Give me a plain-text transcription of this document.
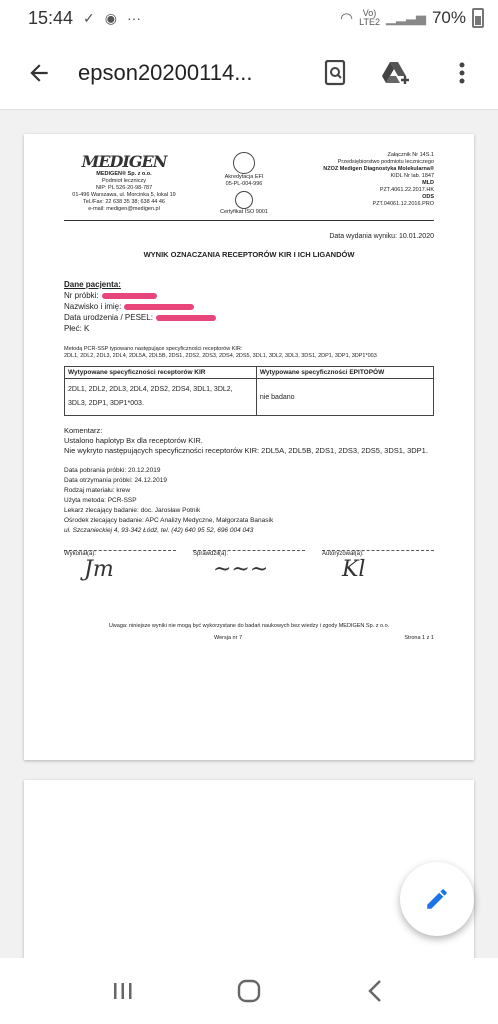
15:44 ✓ ◉ ···	◠	Vo)
LTE2 ▁▂▃▅ 70%
epson20200114...
MEDIGEN
MEDIGEN® Sp. z o.o.
Podmiot leczniczy
NIP: PL 526-20-98-787
01-496 Warszawa, ul. Morcinka 5, lokal 19
Tel./Fax: 22 638 35 38; 638 44 46
e-mail: medigen@medigen.pl
Akredytacja EFI
05-PL-004-996
Certyfikat ISO 9001
Załącznik Nr 14S.1
Przedsiębiorstwo podmiotu leczniczego
NZOZ Medigen Diagnostyka Molekularna®
KIDL Nr lab. 1847
MLD
PZT.4061.22.2017.HK
ODS
PZT.04061.12.2016.PRO
Data wydania wyniku: 10.01.2020
WYNIK OZNACZANIA RECEPTORÓW KIR I ICH LIGANDÓW
Dane pacjenta:
Nr próbki:
Nazwisko i imię:
Data urodzenia / PESEL:
Płeć: K
Metodą PCR-SSP typowano następujące specyficzności receptorów KIR:
2DL1, 2DL2, 2DL3, 2DL4, 2DL5A, 2DL5B, 2DS1, 2DS2, 2DS3, 2DS4, 2DS5, 3DL1, 3DL2, 3DL3, 3DS1, 2DP1, 3DP1, 3DP1*003
Wytypowane specyficzności receptorów KIR	Wytypowane specyficzności EPITOPÓW
2DL1, 2DL2, 2DL3, 2DL4, 2DS2, 2DS4, 3DL1, 3DL2, 3DL3, 2DP1, 3DP1*003.	nie badano
Komentarz:
Ustalono haplotyp Bx dla receptorów KIR.
Nie wykryto następujących specyficzności receptorów KIR: 2DL5A, 2DL5B, 2DS1, 2DS3, 2DS5, 3DS1, 3DP1.
Data pobrania próbki: 20.12.2019
Data otrzymania próbki: 24.12.2019
Rodzaj materiału: krew
Użyta metoda: PCR-SSP
Lekarz zlecający badanie: doc. Jarosław Potnik
Ośrodek zlecający badanie: APC Analizy Medyczne, Małgorzata Banasik
ul. Szczanieckiej 4, 93-342 Łódź, tel. (42) 640 95 52, 696 004 043
Wykonał(a):
Jm
Sprawdził(a):
~~~
Autoryzował(a):
Kl
Uwaga: niniejsze wyniki nie mogą być wykorzystane do badań naukowych bez wiedzy i zgody MEDIGEN Sp. z o.o.
Wersja nr 7	Strona 1 z 1
